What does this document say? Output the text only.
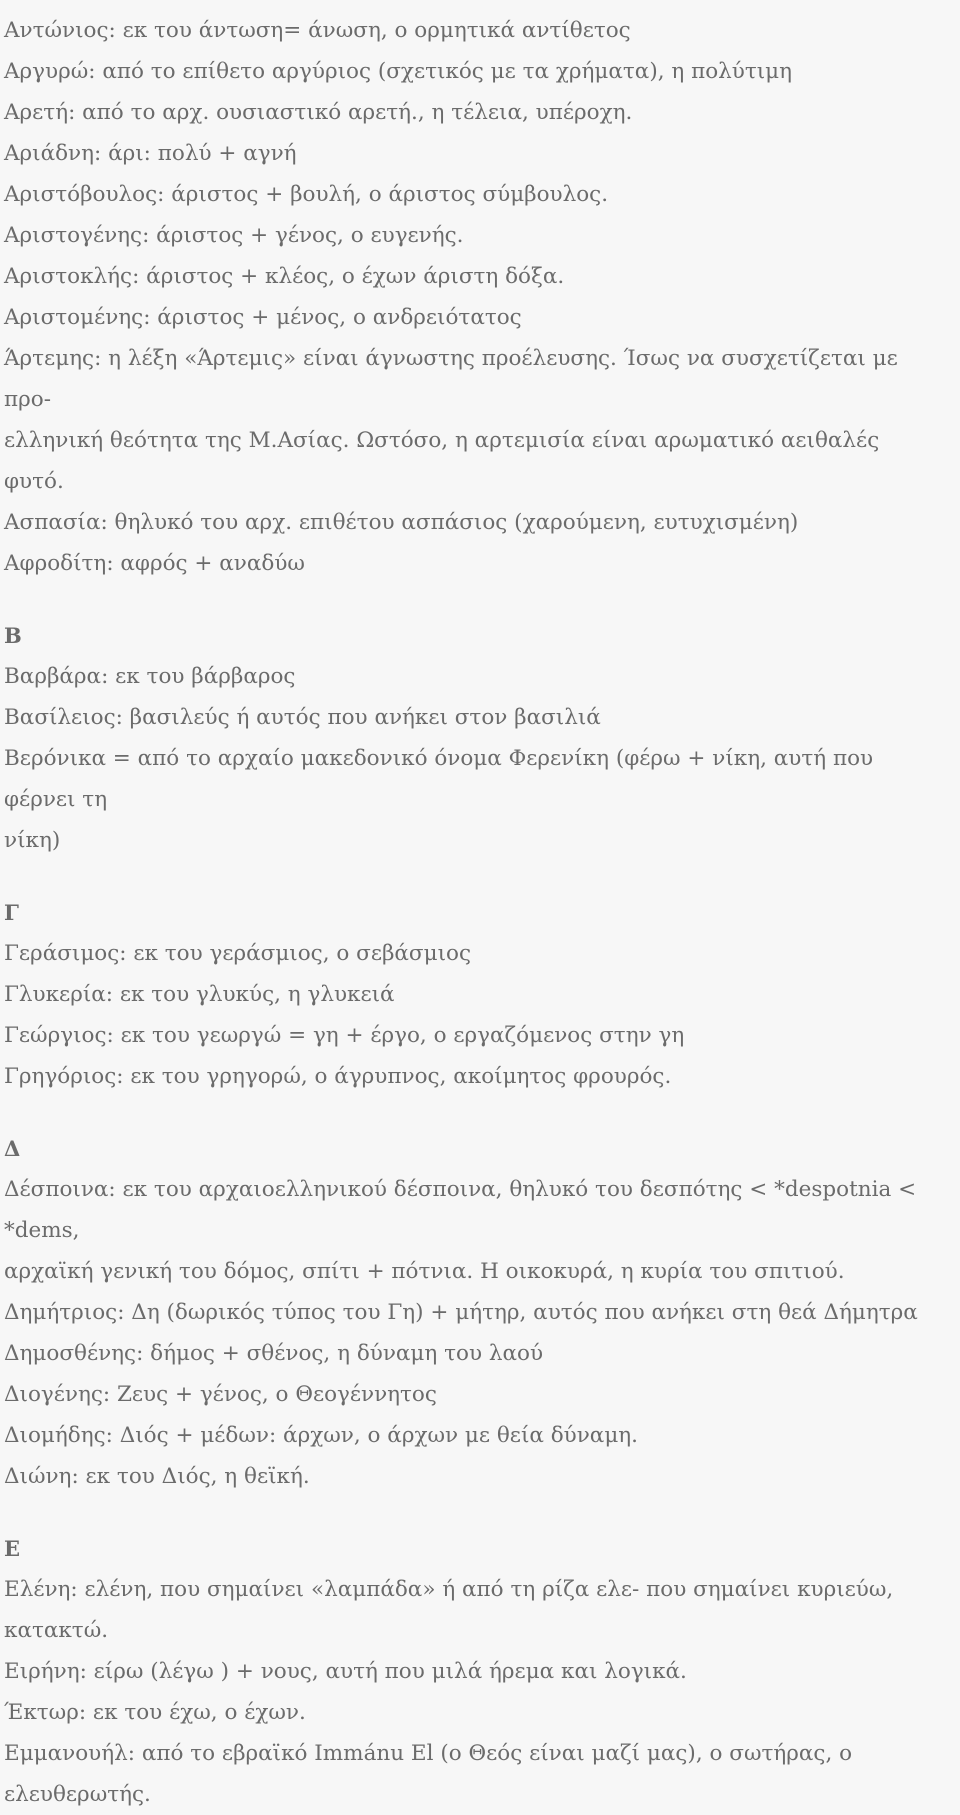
Αντώνιος: εκ του άντωση= άνωση, ο ορμητικά αντίθετος

Αργυρώ: από το επίθετο αργύριος (σχετικός με τα χρήματα), η πολύτιμη

Αρετή: από το αρχ. ουσιαστικό αρετή., η τέλεια, υπέροχη.

Αριάδνη: άρι: πολύ + αγνή

Αριστόβουλος: άριστος + βουλή, ο άριστος σύμβουλος.

Αριστογένης: άριστος + γένος, ο ευγενής.

Αριστοκλής: άριστος + κλέος, ο έχων άριστη δόξα.

Αριστομένης: άριστος + μένος, ο ανδρειότατος

Άρτεμης: η λέξη «Άρτεμις» είναι άγνωστης προέλευσης. Ίσως να συσχετίζεται με προ-

ελληνική θεότητα της Μ.Ασίας. Ωστόσο, η αρτεμισία είναι αρωματικό αειθαλές φυτό.

Ασπασία: θηλυκό του αρχ. επιθέτου ασπάσιος (χαρούμενη, ευτυχισμένη)

Αφροδίτη: αφρός + αναδύω

Β

Βαρβάρα: εκ του βάρβαρος

Βασίλειος: βασιλεύς ή αυτός που ανήκει στον βασιλιά

Βερόνικα = από το αρχαίο μακεδονικό όνομα Φερενίκη (φέρω + νίκη, αυτή που φέρνει τη

νίκη)

Γ

Γεράσιμος: εκ του γεράσμιος, ο σεβάσμιος

Γλυκερία: εκ του γλυκύς, η γλυκειά

Γεώργιος: εκ του γεωργώ = γη + έργο, ο εργαζόμενος στην γη

Γρηγόριος: εκ του γρηγορώ, ο άγρυπνος, ακοίμητος φρουρός.

Δ

Δέσποινα: εκ του αρχαιοελληνικού δέσποινα, θηλυκό του δεσπότης < *despotnia < *dems,

αρχαϊκή γενική του δόμος, σπίτι + πότνια. Η οικοκυρά, η κυρία του σπιτιού.

Δημήτριος: Δη (δωρικός τύπος του Γη) + μήτηρ, αυτός που ανήκει στη θεά Δήμητρα

Δημοσθένης: δήμος + σθένος, η δύναμη του λαού

Διογένης: Ζευς + γένος, ο Θεογέννητος

Διομήδης: Διός + μέδων: άρχων, ο άρχων με θεία δύναμη.

Διώνη: εκ του Διός, η θεϊκή.

Ε

Ελένη: ελένη, που σημαίνει «λαμπάδα» ή από τη ρίζα ελε- που σημαίνει κυριεύω, κατακτώ.

Ειρήνη: είρω (λέγω ) + νους, αυτή που μιλά ήρεμα και λογικά.

Έκτωρ: εκ του έχω, ο έχων.

Εμμανουήλ: από το εβραϊκό Immánu El (ο Θεός είναι μαζί μας), ο σωτήρας, ο ελευθερωτής.
